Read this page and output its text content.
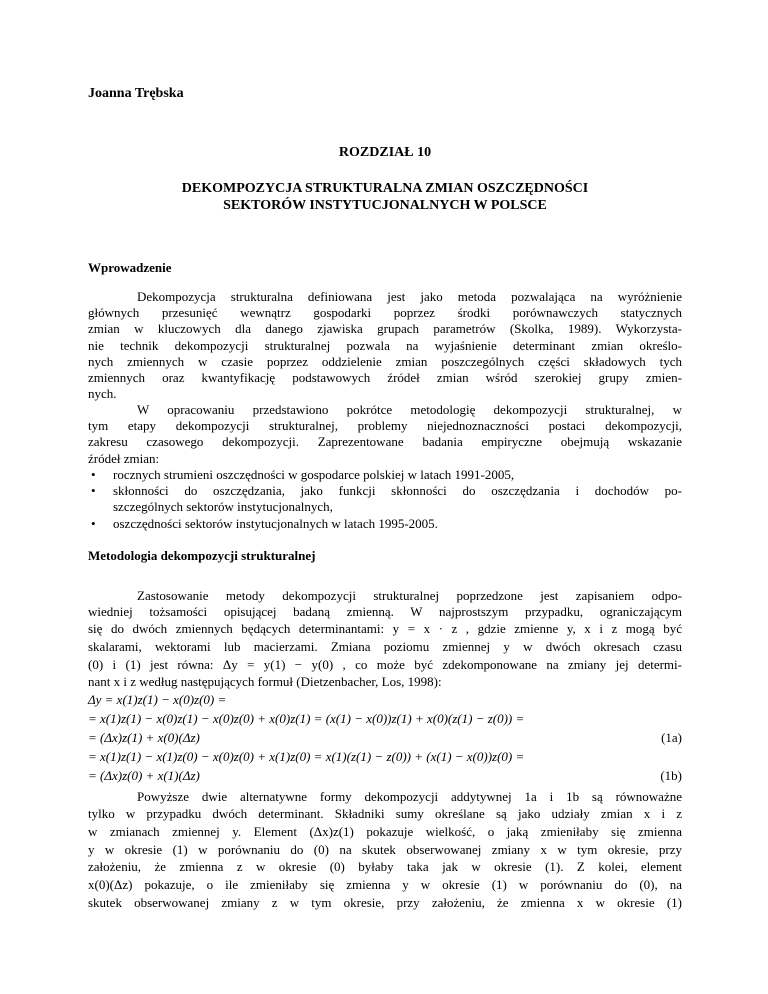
Joanna Trębska
ROZDZIAŁ 10
DEKOMPOZYCJA STRUKTURALNA ZMIAN OSZCZĘDNOŚCI
SEKTORÓW INSTYTUCJONALNYCH W POLSCE
Wprowadzenie
Dekompozycja strukturalna definiowana jest jako metoda pozwalająca na wyróżnienie
głównych przesunięć wewnątrz gospodarki poprzez środki porównawczych statycznych
zmian w kluczowych dla danego zjawiska grupach parametrów (Skolka, 1989). Wykorzysta-
nie technik dekompozycji strukturalnej pozwala na wyjaśnienie determinant zmian określo-
nych zmiennych w czasie poprzez oddzielenie zmian poszczególnych części składowych tych
zmiennych oraz kwantyfikację podstawowych źródeł zmian wśród szerokiej grupy zmien-
nych.
W opracowaniu przedstawiono pokrótce metodologię dekompozycji strukturalnej, w
tym etapy dekompozycji strukturalnej, problemy niejednoznaczności postaci dekompozycji,
zakresu czasowego dekompozycji. Zaprezentowane badania empiryczne obejmują wskazanie
źródeł zmian:
• rocznych strumieni oszczędności w gospodarce polskiej w latach 1991-2005,
• skłonności do oszczędzania, jako funkcji skłonności do oszczędzania i dochodów po-
szczególnych sektorów instytucjonalnych,
• oszczędności sektorów instytucjonalnych w latach 1995-2005.
Metodologia dekompozycji strukturalnej
Zastosowanie metody dekompozycji strukturalnej poprzedzone jest zapisaniem odpo-
wiedniej tożsamości opisującej badaną zmienną. W najprostszym przypadku, ograniczającym
się do dwóch zmiennych będących determinantami: y = x · z , gdzie zmienne y, x i z mogą być
skalarami, wektorami lub macierzami. Zmiana poziomu zmiennej y w dwóch okresach czasu
(0) i (1) jest równa: Δy = y(1) − y(0) , co może być zdekomponowane na zmiany jej determi-
nant x i z według następujących formuł (Dietzenbacher, Los, 1998):
Δy = x(1)z(1) − x(0)z(0) =
= x(1)z(1) − x(0)z(1) − x(0)z(0) + x(0)z(1) = (x(1) − x(0))z(1) + x(0)(z(1) − z(0)) =
= (Δx)z(1) + x(0)(Δz)	(1a)
= x(1)z(1) − x(1)z(0) − x(0)z(0) + x(1)z(0) = x(1)(z(1) − z(0)) + (x(1) − x(0))z(0) =
= (Δx)z(0) + x(1)(Δz)	(1b)
Powyższe dwie alternatywne formy dekompozycji addytywnej 1a i 1b są równoważne
tylko w przypadku dwóch determinant. Składniki sumy określane są jako udziały zmian x i z
w zmianach zmiennej y. Element (Δx)z(1) pokazuje wielkość, o jaką zmieniłaby się zmienna
y w okresie (1) w porównaniu do (0) na skutek obserwowanej zmiany x w tym okresie, przy
założeniu, że zmienna z w okresie (0) byłaby taka jak w okresie (1). Z kolei, element
x(0)(Δz) pokazuje, o ile zmieniłaby się zmienna y w okresie (1) w porównaniu do (0), na
skutek obserwowanej zmiany z w tym okresie, przy założeniu, że zmienna x w okresie (1)
